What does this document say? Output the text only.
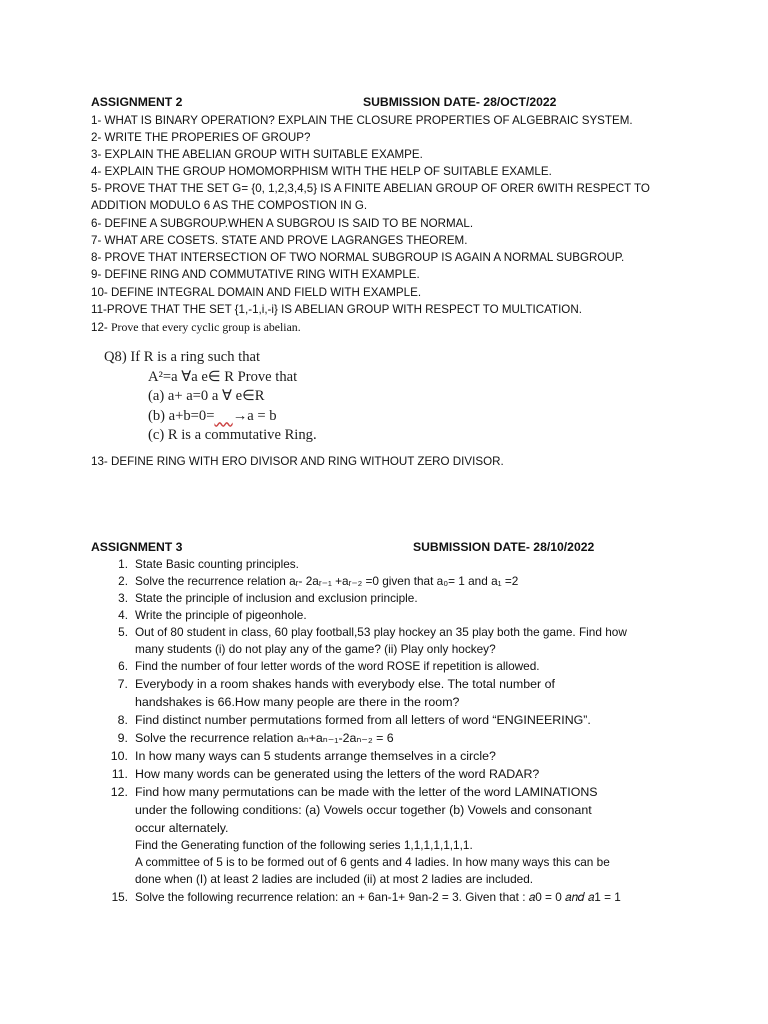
ASSIGNMENT 2	SUBMISSION DATE- 28/OCT/2022
1- WHAT IS BINARY OPERATION? EXPLAIN THE CLOSURE PROPERTIES OF ALGEBRAIC SYSTEM.
2- WRITE THE PROPERIES OF GROUP?
3- EXPLAIN THE ABELIAN GROUP WITH SUITABLE EXAMPE.
4- EXPLAIN THE GROUP HOMOMORPHISM WITH THE HELP OF SUITABLE EXAMLE.
5- PROVE THAT THE SET G= {0, 1,2,3,4,5} IS A FINITE ABELIAN GROUP OF ORER 6WITH RESPECT TO
ADDITION MODULO 6 AS THE COMPOSTION IN G.
6- DEFINE A SUBGROUP.WHEN A SUBGROU IS SAID TO BE NORMAL.
7- WHAT ARE COSETS. STATE AND PROVE LAGRANGES THEOREM.
8- PROVE THAT INTERSECTION OF TWO NORMAL SUBGROUP IS AGAIN A NORMAL SUBGROUP.
9- DEFINE RING AND COMMUTATIVE RING WITH EXAMPLE.
10- DEFINE INTEGRAL DOMAIN AND FIELD WITH EXAMPLE.
11-PROVE THAT THE SET {1,-1,i,-i} IS ABELIAN GROUP WITH RESPECT TO MULTICATION.
12- Prove that every cyclic group is abelian.
Q8) If R is a ring such that
A²=a ∀a e∈ R Prove that
(a) a+ a=0 a ∀ e∈R
(b) a+b=0= →a = b
(c) R is a commutative Ring.
13- DEFINE RING WITH ERO DIVISOR AND RING WITHOUT ZERO DIVISOR.
ASSIGNMENT 3	SUBMISSION DATE- 28/10/2022
1. State Basic counting principles.
2. Solve the recurrence relation aᵣ- 2aᵣ₋₁ +aᵣ₋₂ =0 given that a₀= 1 and a₁ =2
3. State the principle of inclusion and exclusion principle.
4. Write the principle of pigeonhole.
5. Out of 80 student in class, 60 play football,53 play hockey an 35 play both the game. Find how
many students (i) do not play any of the game? (ii) Play only hockey?
6. Find the number of four letter words of the word ROSE if repetition is allowed.
7. Everybody in a room shakes hands with everybody else. The total number of
handshakes is 66.How many people are there in the room?
8. Find distinct number permutations formed from all letters of word “ENGINEERING”.
9. Solve the recurrence relation aₙ+aₙ₋₁-2aₙ₋₂ = 6
10. In how many ways can 5 students arrange themselves in a circle?
11. How many words can be generated using the letters of the word RADAR?
12. Find how many permutations can be made with the letter of the word LAMINATIONS
under the following conditions: (a) Vowels occur together (b) Vowels and consonant
occur alternately.
Find the Generating function of the following series 1,1,1,1,1,1,1.
A committee of 5 is to be formed out of 6 gents and 4 ladies. In how many ways this can be
done when (I) at least 2 ladies are included (ii) at most 2 ladies are included.
15. Solve the following recurrence relation: an + 6an-1+ 9an-2 = 3. Given that : 𝑎0 = 0 𝑎𝑛𝑑 𝑎1 = 1
